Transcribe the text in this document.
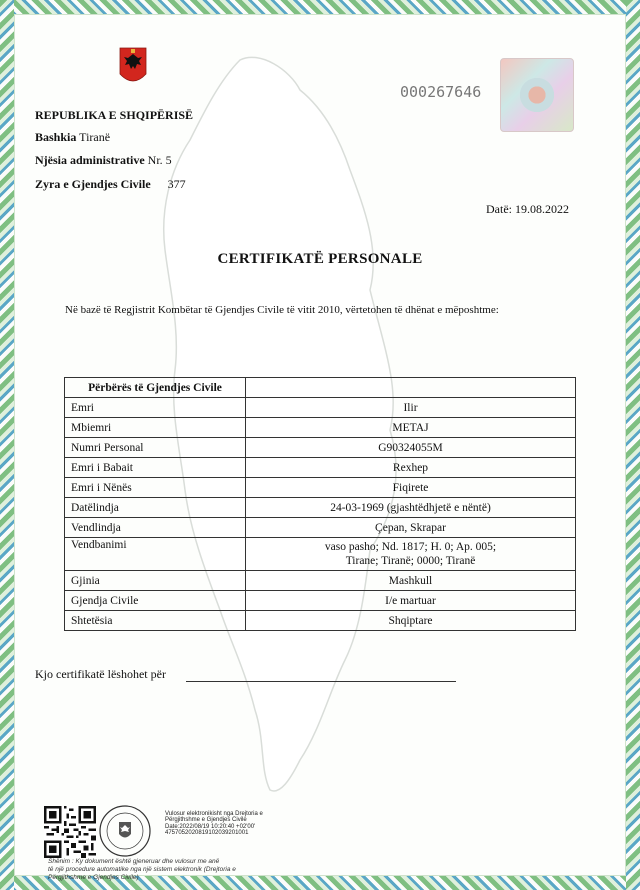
000267646
REPUBLIKA E SHQIPËRISË
Bashkia Tiranë
Njësia administrative Nr. 5
Zyra e Gjendjes Civile 377
Datë: 19.08.2022
CERTIFIKATË PERSONALE
Në bazë të Regjistrit Kombëtar të Gjendjes Civile të vitit 2010, vërtetohen të dhënat e mëposhtme:
Përbërës të Gjendjes Civile	
Emri	Ilir
Mbiemri	METAJ
Numri Personal	G90324055M
Emri i Babait	Rexhep
Emri i Nënës	Fiqirete
Datëlindja	24-03-1969 (gjashtëdhjetë e nëntë)
Vendlindja	Çepan, Skrapar
Vendbanimi	vaso pasho; Nd. 1817; H. 0; Ap. 005;
Tirane; Tiranë; 0000; Tiranë

Gjinia	Mashkull
Gjendja Civile	I/e martuar
Shtetësia	Shqiptare
Kjo certifikatë lëshohet për
Vulosur elektronikisht nga Drejtoria e
Përgjithshme e Gjendjes Civile
Date:2022/08/19 10:20:40 +02'00'
4757052020819102039201001
Shënim : Ky dokument është gjeneruar dhe vulosur me anë
të një procedure automatike nga një sistem elektronik (Drejtoria e
Përgjithshme e Gjendjes Civile)
